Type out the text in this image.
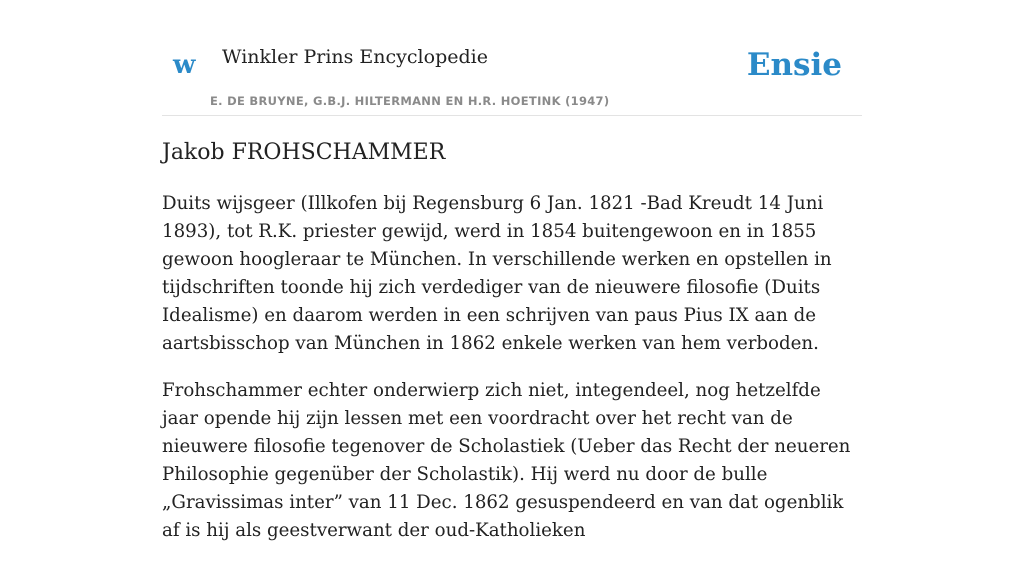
w Winkler Prins Encyclopedie
E. DE BRUYNE, G.B.J. HILTERMANN EN H.R. HOETINK (1947)
Ensie
Jakob FROHSCHAMMER

Duits wijsgeer (Illkofen bij Regensburg 6 Jan. 1821 -Bad Kreudt 14 Juni 1893), tot R.K. priester gewijd, werd in 1854 buitengewoon en in 1855 gewoon hoogleraar te München. In verschillende werken en opstellen in tijdschriften toonde hij zich verdediger van de nieuwere filosofie (Duits Idealisme) en daarom werden in een schrijven van paus Pius IX aan de aartsbisschop van München in 1862 enkele werken van hem verboden.

Frohschammer echter onderwierp zich niet, integendeel, nog hetzelfde jaar opende hij zijn lessen met een voordracht over het recht van de nieuwere filosofie tegenover de Scholastiek (Ueber das Recht der neueren Philosophie gegenüber der Scholastik). Hij werd nu door de bulle „Gravissimas inter” van 11 Dec. 1862 gesuspendeerd en van dat ogenblik af is hij als geestverwant der oud-Katholieken
